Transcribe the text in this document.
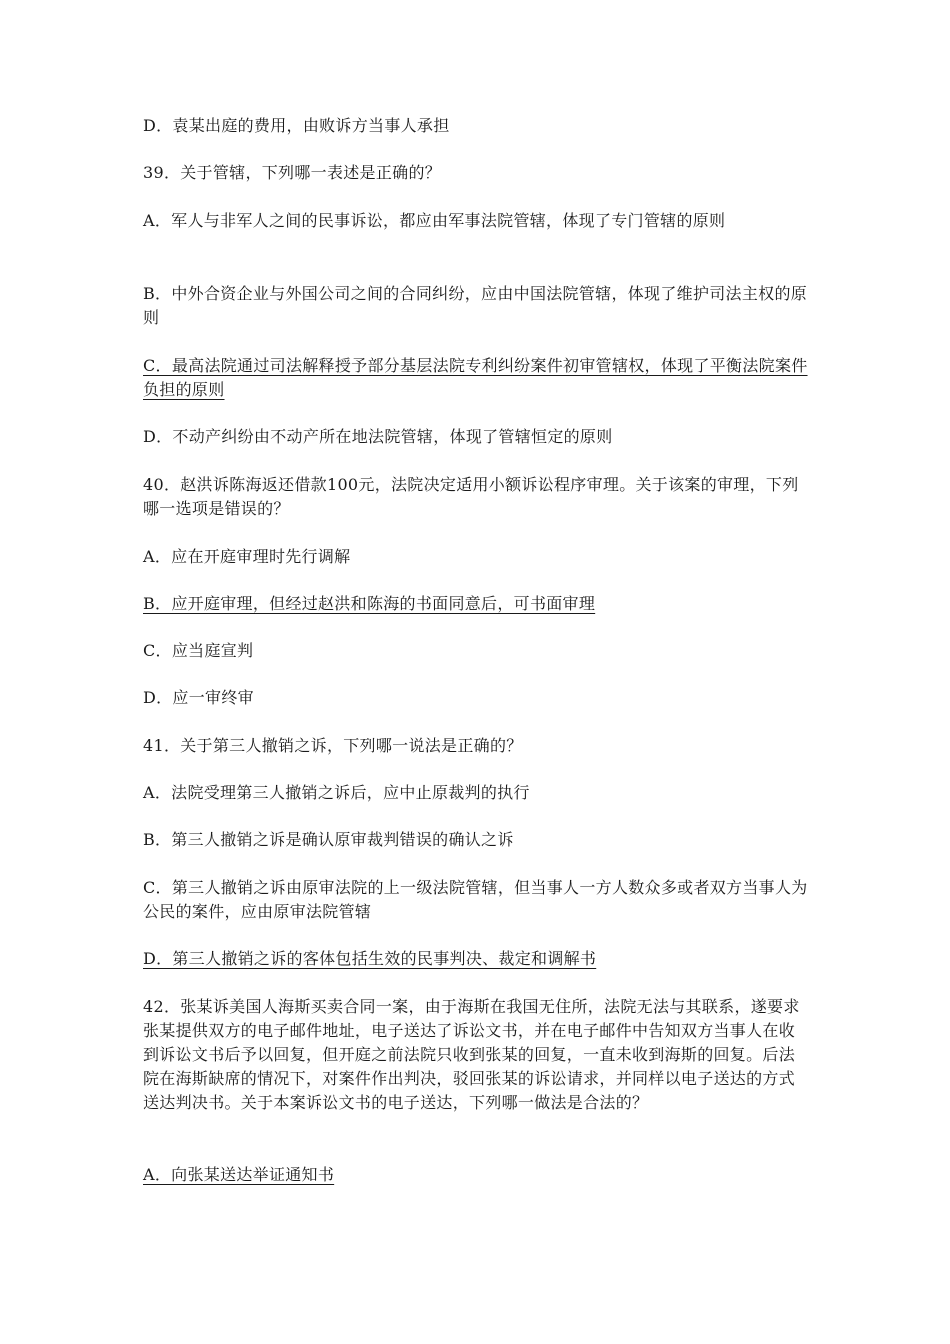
D．袁某出庭的费用，由败诉方当事人承担

39．关于管辖，下列哪一表述是正确的？

A．军人与非军人之间的民事诉讼，都应由军事法院管辖，体现了专门管辖的原则

B．中外合资企业与外国公司之间的合同纠纷，应由中国法院管辖，体现了维护司法主权的原则

C．最高法院通过司法解释授予部分基层法院专利纠纷案件初审管辖权，体现了平衡法院案件负担的原则

D．不动产纠纷由不动产所在地法院管辖，体现了管辖恒定的原则

40．赵洪诉陈海返还借款100元，法院决定适用小额诉讼程序审理。关于该案的审理，下列哪一选项是错误的？

A．应在开庭审理时先行调解

B．应开庭审理，但经过赵洪和陈海的书面同意后，可书面审理

C．应当庭宣判

D．应一审终审

41．关于第三人撤销之诉，下列哪一说法是正确的？

A．法院受理第三人撤销之诉后，应中止原裁判的执行

B．第三人撤销之诉是确认原审裁判错误的确认之诉

C．第三人撤销之诉由原审法院的上一级法院管辖，但当事人一方人数众多或者双方当事人为公民的案件，应由原审法院管辖

D．第三人撤销之诉的客体包括生效的民事判决、裁定和调解书

42．张某诉美国人海斯买卖合同一案，由于海斯在我国无住所，法院无法与其联系，遂要求张某提供双方的电子邮件地址，电子送达了诉讼文书，并在电子邮件中告知双方当事人在收到诉讼文书后予以回复，但开庭之前法院只收到张某的回复，一直未收到海斯的回复。后法院在海斯缺席的情况下，对案件作出判决，驳回张某的诉讼请求，并同样以电子送达的方式送达判决书。关于本案诉讼文书的电子送达，下列哪一做法是合法的？

A．向张某送达举证通知书
